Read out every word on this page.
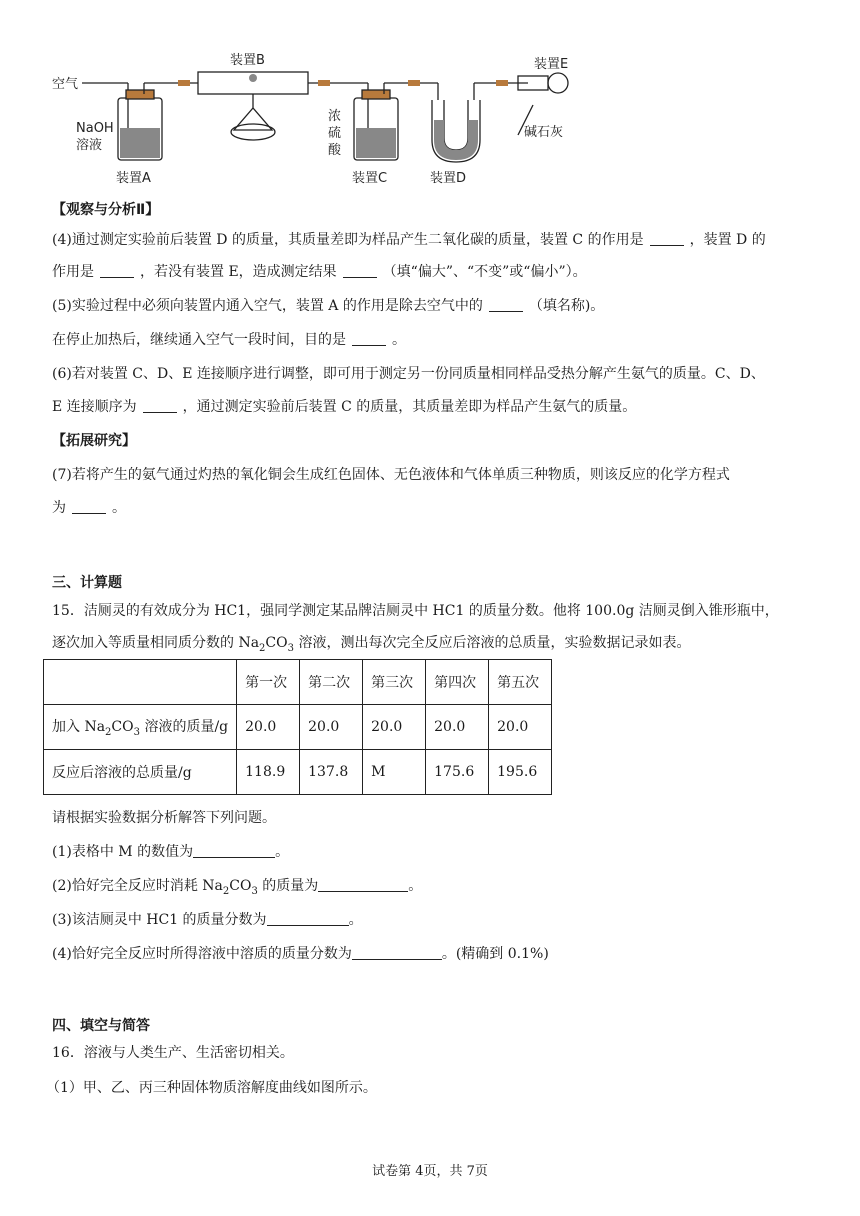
空气
装置B	装置E
NaOH
溶液
装置A
浓
硫
酸
装置C	装置D
碱石灰
【观察与分析Ⅱ】
(4)通过测定实验前后装置 D 的质量，其质量差即为样品产生二氧化碳的质量，装置 C 的作用是	，装置 D 的
作用是	，若没有装置 E，造成测定结果	（填“偏大”、“不变”或“偏小”）。
(5)实验过程中必须向装置内通入空气，装置 A 的作用是除去空气中的	（填名称)。
在停止加热后，继续通入空气一段时间，目的是	。
(6)若对装置 C、D、E 连接顺序进行调整，即可用于测定另一份同质量相同样品受热分解产生氨气的质量。C、D、
E 连接顺序为	，通过测定实验前后装置 C 的质量，其质量差即为样品产生氨气的质量。
【拓展研究】
(7)若将产生的氨气通过灼热的氧化铜会生成红色固体、无色液体和气体单质三种物质，则该反应的化学方程式
为	。
三、计算题
15．洁厕灵的有效成分为 HC1，强同学测定某品牌洁厕灵中 HC1 的质量分数。他将 100.0g 洁厕灵倒入锥形瓶中，
逐次加入等质量相同质分数的 $Na_2CO_3$ 溶液，测出每次完全反应后溶液的总质量，实验数据记录如表。
	第一次	第二次	第三次	第四次	第五次
加入 $Na_2CO_3$ 溶液的质量/g	20.0	20.0	20.0	20.0	20.0
反应后溶液的总质量/g	118.9	137.8	M	175.6	195.6
请根据实验数据分析解答下列问题。
(1)表格中 M 的数值为	。
(2)恰好完全反应时消耗 $Na_2CO_3$ 的质量为	。
(3)该洁厕灵中 HC1 的质量分数为	。
(4)恰好完全反应时所得溶液中溶质的质量分数为	。(精确到 0.1%)
四、填空与简答
16．溶液与人类生产、生活密切相关。
（1）甲、乙、丙三种固体物质溶解度曲线如图所示。
试卷第 4页，共 7页
